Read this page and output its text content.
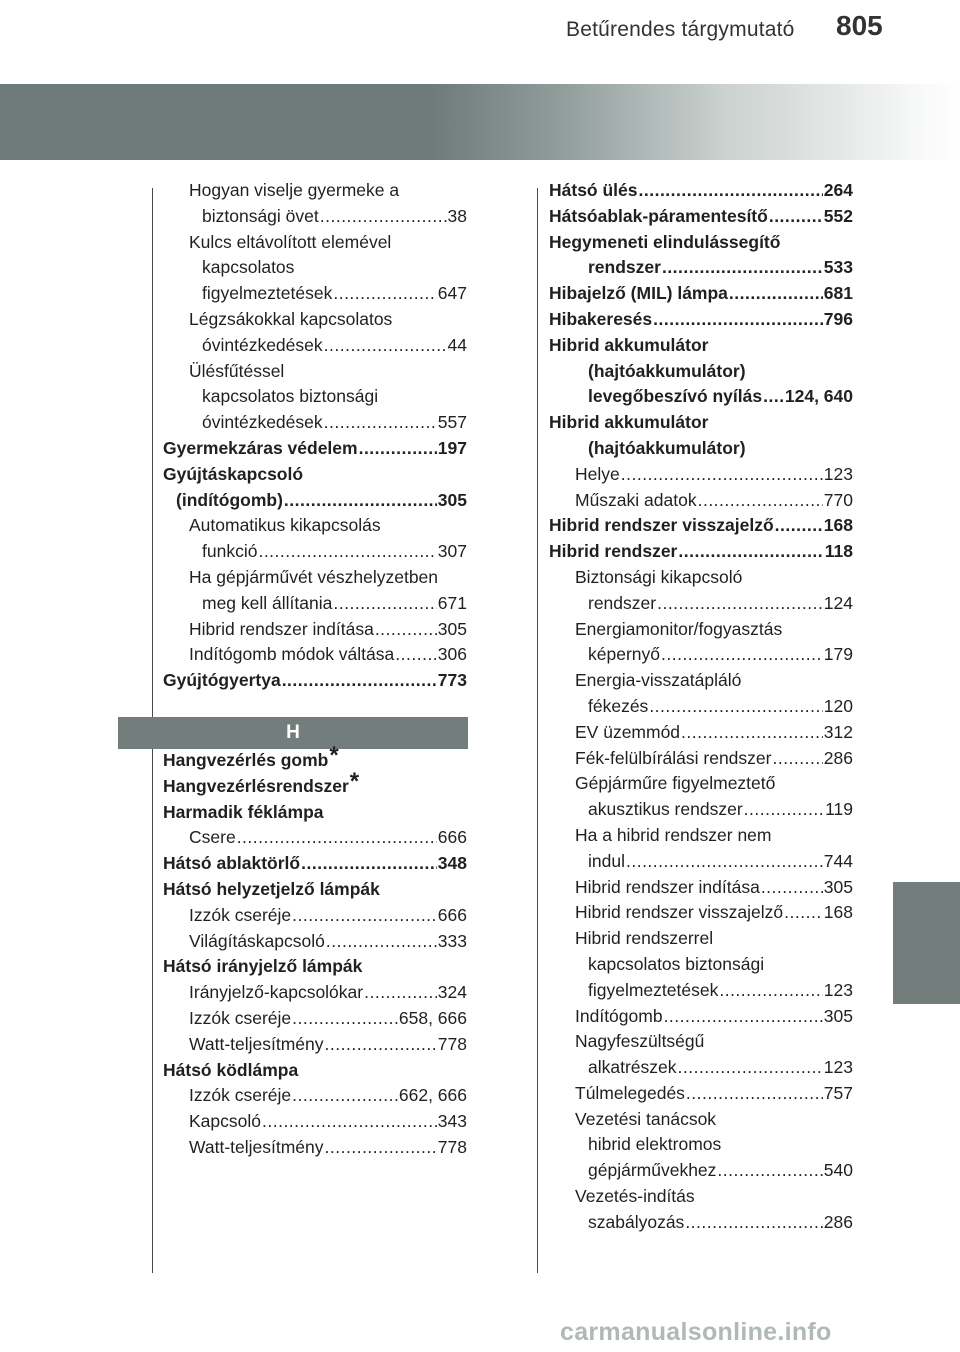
Betűrendes tárgymutató 805
Hogyan viselje gyermeke a
biztonsági övet .....	38
Kulcs eltávolított elemével
kapcsolatos
figyelmeztetések .....	647
Légzsákokkal kapcsolatos
óvintézkedések .....	44
Ülésfűtéssel
kapcsolatos biztonsági
óvintézkedések .....	557
Gyermekzáras védelem .....	197
Gyújtáskapcsoló
(indítógomb) .....	305
Automatikus kikapcsolás
funkció .....	307
Ha gépjárművét vészhelyzetben
meg kell állítania .....	671
Hibrid rendszer indítása .....	305
Indítógomb módok váltása ..... 306
Gyújtógyertya .....	773
H
Hangvezérlés gomb*
Hangvezérlésrendszer*
Harmadik féklámpa
Csere .....	666
Hátsó ablaktörlő .....	348
Hátsó helyzetjelző lámpák
Izzók cseréje .....	666
Világításkapcsoló .....	333
Hátsó irányjelző lámpák
Irányjelző-kapcsolókar .....	324
Izzók cseréje .....	658, 666
Watt-teljesítmény .....	778
Hátsó ködlámpa
Izzók cseréje .....	662, 666
Kapcsoló .....	343
Watt-teljesítmény .....	778
Hátsó ülés .....	264
Hátsóablak-páramentesítő .....	552
Hegymeneti elindulássegítő
rendszer .....	533
Hibajelző (MIL) lámpa .....	681
Hibakeresés .....	796
Hibrid akkumulátor
(hajtóakkumulátor)
levegőbeszívó nyílás ..... 124, 640
Hibrid akkumulátor
(hajtóakkumulátor)
Helye .....	123
Műszaki adatok .....	770
Hibrid rendszer visszajelző .....	168
Hibrid rendszer .....	118
Biztonsági kikapcsoló
rendszer .....	124
Energiamonitor/fogyasztás
képernyő .....	179
Energia-visszatápláló
fékezés .....	120
EV üzemmód .....	312
Fék-felülbírálási rendszer .....	286
Gépjárműre figyelmeztető
akusztikus rendszer .....	119
Ha a hibrid rendszer nem
indul .....	744
Hibrid rendszer indítása .....	305
Hibrid rendszer visszajelző ..... 168
Hibrid rendszerrel
kapcsolatos biztonsági
figyelmeztetések .....	123
Indítógomb .....	305
Nagyfeszültségű
alkatrészek .....	123
Túlmelegedés .....	757
Vezetési tanácsok
hibrid elektromos
gépjárművekhez .....	540
Vezetés-indítás
szabályozás .....	286
carmanualsonline.info
